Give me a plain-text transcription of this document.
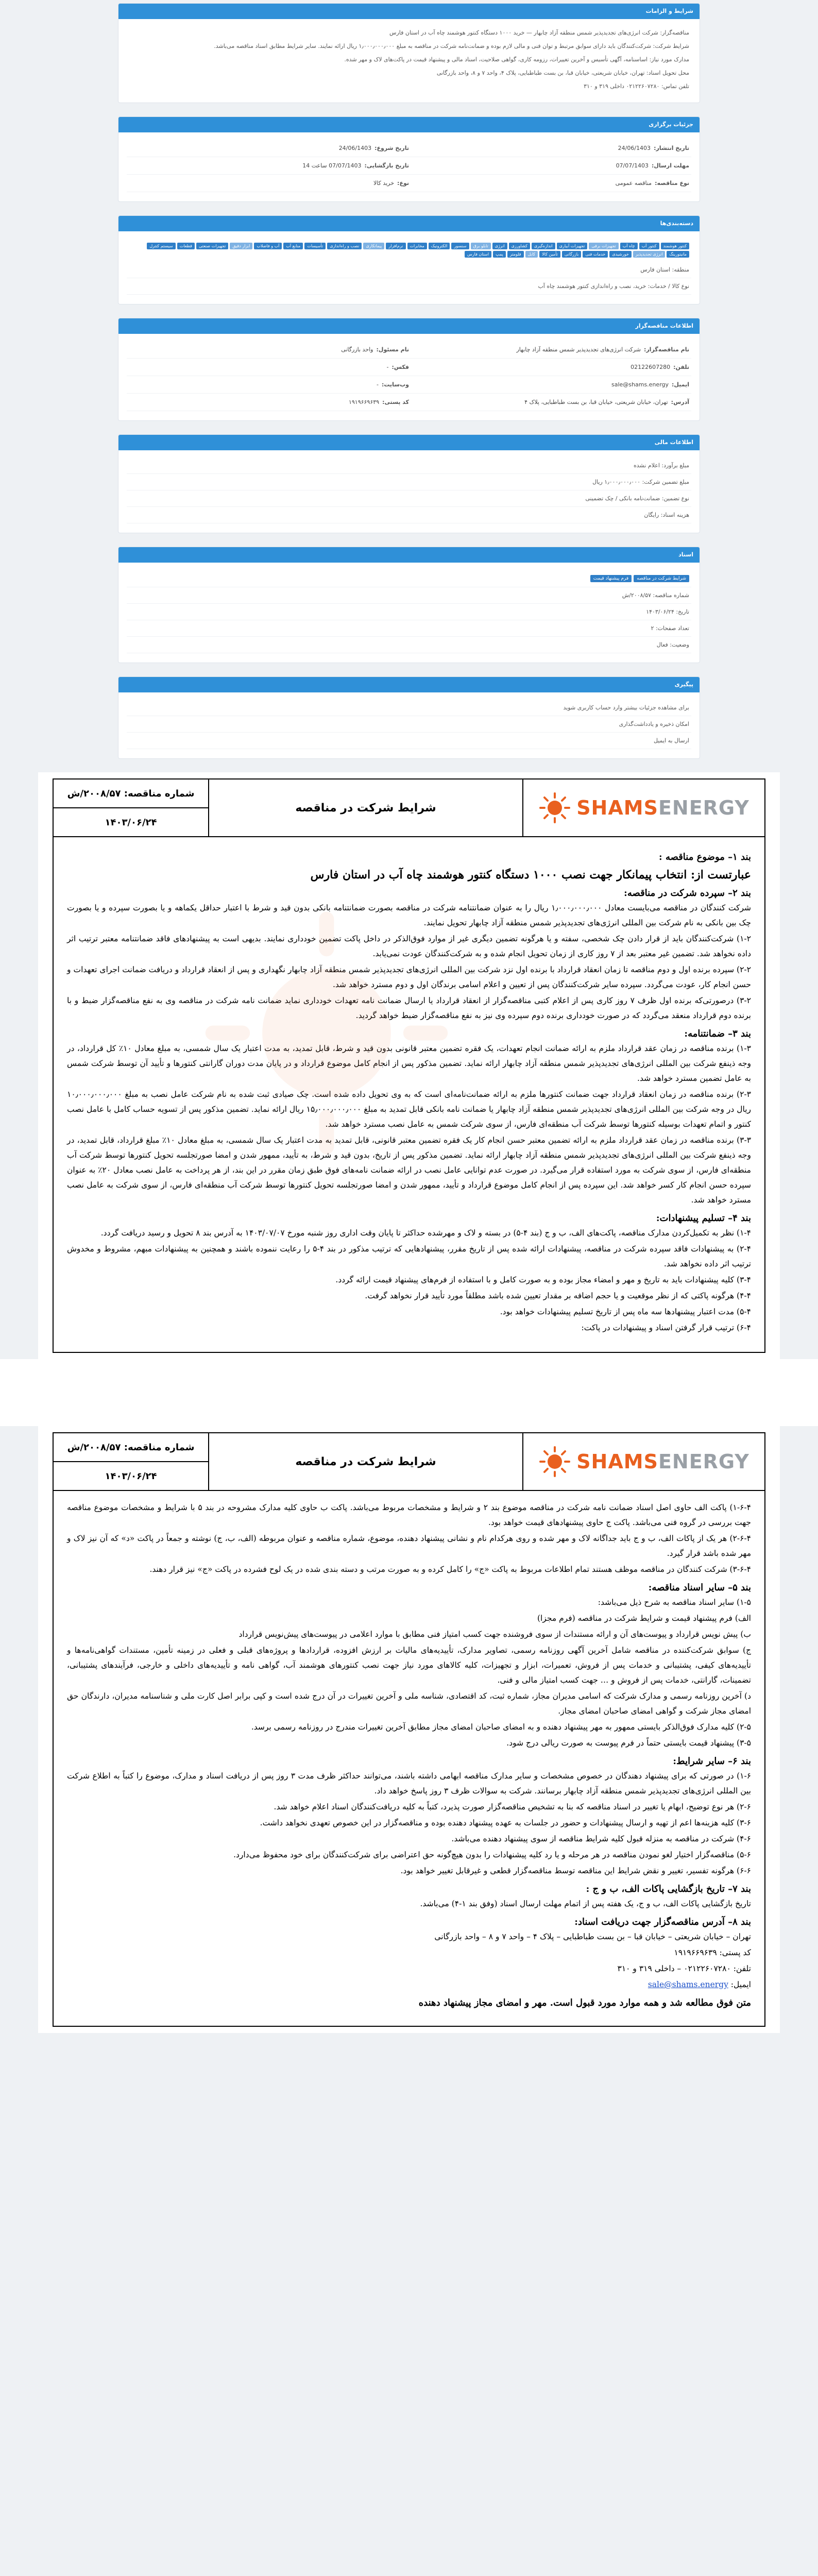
شرایط و الزامات
مناقصه‌گزار: شرکت انرژی‌های تجدیدپذیر شمس منطقه آزاد چابهار — خرید ۱۰۰۰ دستگاه کنتور هوشمند چاه آب در استان فارس
شرایط شرکت: شرکت‌کنندگان باید دارای سوابق مرتبط و توان فنی و مالی لازم بوده و ضمانت‌نامه شرکت در مناقصه به مبلغ ۱٫۰۰۰٫۰۰۰٫۰۰۰ ریال ارائه نمایند. سایر شرایط مطابق اسناد مناقصه می‌باشد.
مدارک مورد نیاز: اساسنامه، آگهی تأسیس و آخرین تغییرات، رزومه کاری، گواهی صلاحیت، اسناد مالی و پیشنهاد قیمت در پاکت‌های لاک و مهر شده.
محل تحویل اسناد: تهران، خیابان شریعتی، خیابان قبا، بن بست طباطبایی، پلاک ۴، واحد ۷ و ۸، واحد بازرگانی
تلفن تماس: ۰۲۱۲۲۶۰۷۲۸۰ داخلی ۳۱۹ و ۳۱۰
جزئیات برگزاری
تاریخ انتشار:
24/06/1403
تاریخ شروع:
24/06/1403
مهلت ارسال:
07/07/1403
تاریخ بازگشایی:
07/07/1403 ساعت 14
نوع مناقصه:
مناقصه عمومی
نوع:
خرید کالا
دسته‌بندی‌ها
کنتور هوشمند
کنتور آب
چاه آب
تجهیزات برقی
تجهیزات آبیاری
اندازه‌گیری
کشاورزی
انرژی
تابلو برق
سنسور
الکترونیک
مخابرات
نرم‌افزار
پیمانکاری
نصب و راه‌اندازی
تأسیسات
منابع آب
آب و فاضلاب
ابزار دقیق
تجهیزات صنعتی
قطعات
سیستم کنترل
مانیتورینگ
انرژی تجدیدپذیر
خورشیدی
خدمات فنی
بازرگانی
تأمین کالا
کابل
فلومتر
پمپ
استان فارس
منطقه: استان فارس
نوع کالا / خدمات: خرید، نصب و راه‌اندازی کنتور هوشمند چاه آب
اطلاعات مناقصه‌گزار
نام مناقصه‌گزار:
شرکت انرژی‌های تجدیدپذیر شمس منطقه آزاد چابهار
نام مسئول:
واحد بازرگانی
تلفن:
02122607280
فکس:
-
ایمیل:
sale@shams.energy
وب‌سایت:
-
آدرس:
تهران، خیابان شریعتی، خیابان قبا، بن بست طباطبایی، پلاک ۴
کد پستی:
۱۹۱۹۶۶۹۶۳۹
اطلاعات مالی
مبلغ برآورد: اعلام نشده
مبلغ تضمین شرکت: ۱٫۰۰۰٫۰۰۰٫۰۰۰ ریال
نوع تضمین: ضمانت‌نامه بانکی / چک تضمینی
هزینه اسناد: رایگان
اسناد
شرایط شرکت در مناقصهفرم پیشنهاد قیمت
شماره مناقصه: ۲۰۰۸/۵۷/ش
تاریخ: ۱۴۰۳/۰۶/۲۴
تعداد صفحات: ۲
وضعیت: فعال
پیگیری
برای مشاهده جزئیات بیشتر وارد حساب کاربری شوید
امکان ذخیره و یادداشت‌گذاری
ارسال به ایمیل
SHAMSENERGY
شرایط شرکت در مناقصه
شماره مناقصه: ۲۰۰۸/۵۷/ش
۱۴۰۳/۰۶/۲۴
بند ۱– موضوع مناقصه :
عبارتست از: انتخاب پیمانکار جهت نصب ۱۰۰۰ دستگاه کنتور هوشمند چاه آب در استان فارس
بند ۲– سپرده شرکت در مناقصه:

شرکت کنندگان در مناقصه می‌بایست معادل ۱٫۰۰۰٫۰۰۰٫۰۰۰ ریال را به عنوان ضمانتنامه شرکت در مناقصه بصورت ضمانتنامه بانکی بدون قید و شرط با اعتبار حداقل یکماهه و یا بصورت سپرده و یا بصورت چک بین بانکی به نام شرکت بین المللی انرژی‌های تجدیدپذیر شمس منطقه آزاد چابهار تحویل نمایند.

۱-۲) شرکت‌کنندگان باید از قرار دادن چک شخصی، سفته و یا هرگونه تضمین دیگری غیر از موارد فوق‌الذکر در داخل پاکت تضمین خودداری نمایند. بدیهی است به پیشنهادهای فاقد ضمانتنامه معتبر ترتیب اثر داده نخواهد شد. تضمین غیر معتبر بعد از ۷ روز کاری از زمان تحویل انجام شده و به شرکت‌کنندگان عودت نمی‌یابد.

۲-۲) سپرده برنده اول و دوم مناقصه تا زمان انعقاد قرارداد با برنده اول نزد شرکت بین المللی انرژی‌های تجدیدپذیر شمس منطقه آزاد چابهار نگهداری و پس از انعقاد قرارداد و دریافت ضمانت اجرای تعهدات و حسن انجام کار، عودت می‌گردد. سپرده سایر شرکت‌کنندگان پس از تعیین و اعلام اسامی برندگان اول و دوم مسترد خواهد شد.

۳-۲) درصورتی‌که برنده اول ظرف ۷ روز کاری پس از اعلام کتبی مناقصه‌گزار از انعقاد قرارداد یا ارسال ضمانت نامه تعهدات خودداری نماید ضمانت نامه شرکت در مناقصه وی به نفع مناقصه‌گزار ضبط و با برنده دوم قرارداد منعقد می‌گردد که در صورت خودداری برنده دوم سپرده وی نیز به نفع مناقصه‌گزار ضبط خواهد گردید.

بند ۳– ضمانتنامه:

۱-۳) برنده مناقصه در زمان عقد قرارداد ملزم به ارائه ضمانت انجام تعهدات، یک فقره تضمین معتبر قانونی بدون قید و شرط، قابل تمدید، به مدت اعتبار یک سال شمسی، به مبلغ معادل ۱۰٪ کل قرارداد، در وجه ذینفع شرکت بین المللی انرژی‌های تجدیدپذیر شمس منطقه آزاد چابهار ارائه نماید. تضمین مذکور پس از انجام کامل موضوع قرارداد و در پایان مدت دوران گارانتی کنتورها و تأیید آن توسط شرکت شمس به عامل تضمین مسترد خواهد شد.

۲-۳) برنده مناقصه در زمان انعقاد قرارداد جهت ضمانت کنتورها ملزم به ارائه ضمانت‌نامه‌ای است که به وی تحویل داده شده است. چک صیادی ثبت شده به نام شرکت عامل نصب به مبلغ ۱۰٫۰۰۰٫۰۰۰٫۰۰۰ ریال در وجه شرکت بین المللی انرژی‌های تجدیدپذیر شمس منطقه آزاد چابهار یا ضمانت نامه بانکی قابل تمدید به مبلغ ۱۵٫۰۰۰٫۰۰۰٫۰۰۰ ریال ارائه نماید. تضمین مذکور پس از تسویه حساب کامل با عامل نصب کنتور و اتمام تعهدات بوسیله کنتورها توسط شرکت آب منطقه‌ای فارس، از سوی شرکت شمس به عامل نصب مسترد خواهد شد.

۳-۳) برنده مناقصه در زمان عقد قرارداد ملزم به ارائه تضمین معتبر حسن انجام کار یک فقره تضمین معتبر قانونی، قابل تمدید به مدت اعتبار یک سال شمسی، به مبلغ معادل ۱۰٪ مبلغ قرارداد، قابل تمدید، در وجه ذینفع شرکت بین المللی انرژی‌های تجدیدپذیر شمس منطقه آزاد چابهار ارائه نماید. تضمین مذکور پس از تاریخ، بدون قید و شرط، به تأیید، ممهور شدن و امضا صورتجلسه تحویل کنتورها توسط شرکت آب منطقه‌ای فارس، از سوی شرکت به مورد استفاده قرار می‌گیرد. در صورت عدم توانایی عامل نصب در ارائه ضمانت نامه‌های فوق طبق زمان مقرر در این بند، از هر پرداخت به عامل نصب معادل ۲۰٪ به عنوان سپرده حسن انجام کار کسر خواهد شد. این سپرده پس از انجام کامل موضوع قرارداد و تأیید، ممهور شدن و امضا صورتجلسه تحویل کنتورها توسط شرکت آب منطقه‌ای فارس، از سوی شرکت به عامل نصب مسترد خواهد شد.

بند ۴– تسلیم پیشنهادات:

۱-۴) نظر به تکمیل‌کردن مدارک مناقصه، پاکت‌های الف، ب و ج (بند ۴-۵) در بسته و لاک و مهرشده حداکثر تا پایان وقت اداری روز شنبه مورخ ۱۴۰۳/۰۷/۰۷ به آدرس بند ۸ تحویل و رسید دریافت گردد.

۲-۴) به پیشنهادات فاقد سپرده شرکت در مناقصه، پیشنهادات ارائه شده پس از تاریخ مقرر، پیشنهادهایی که ترتیب مذکور در بند ۴-۵ را رعایت ننموده باشند و همچنین به پیشنهادات مبهم، مشروط و مخدوش ترتیب اثر داده نخواهد شد.

۳-۴) کلیه پیشنهادات باید به تاریخ و مهر و امضاء مجاز بوده و به صورت کامل و با استفاده از فرم‌های پیشنهاد قیمت ارائه گردد.

۴-۴) هرگونه پاکتی که از نظر موقعیت و یا حجم اضافه بر مقدار تعیین شده باشد مطلقاً مورد تأیید قرار نخواهد گرفت.

۵-۴) مدت اعتبار پیشنهادها سه ماه پس از تاریخ تسلیم پیشنهادات خواهد بود.

۶-۴) ترتیب قرار گرفتن اسناد و پیشنهادات در پاکت:

SHAMSENERGY
شرایط شرکت در مناقصه
شماره مناقصه: ۲۰۰۸/۵۷/ش
۱۴۰۳/۰۶/۲۴

۱-۶-۴) پاکت الف حاوی اصل اسناد ضمانت نامه شرکت در مناقصه موضوع بند ۲ و شرایط و مشخصات مربوط می‌باشد. پاکت ب حاوی کلیه مدارک مشروحه در بند ۵ با شرایط و مشخصات موضوع مناقصه جهت بررسی در گروه فنی می‌باشد. پاکت ج حاوی پیشنهادهای قیمت خواهد بود.

۲-۶-۴) هر یک از پاکات الف، ب و ج باید جداگانه لاک و مهر شده و روی هرکدام نام و نشانی پیشنهاد دهنده، موضوع، شماره مناقصه و عنوان مربوطه (الف، ب، ج) نوشته و جمعاً در پاکت «د» که آن نیز لاک و مهر شده باشد قرار گیرد.

۳-۶-۴) شرکت کنندگان در مناقصه موظف هستند تمام اطلاعات مربوط به پاکت «ج» را کامل کرده و به صورت مرتب و دسته بندی شده در یک لوح فشرده در پاکت «ج» نیز قرار دهند.

بند ۵– سایر اسناد مناقصه:

۱-۵) سایر اسناد مناقصه به شرح ذیل می‌باشد:

الف) فرم پیشنهاد قیمت و شرایط شرکت در مناقصه (فرم مجزا)

ب) پیش نویس قرارداد و پیوست‌های آن و ارائه مستندات از سوی فروشنده جهت کسب امتیاز فنی مطابق با موارد اعلامی در پیوست‌های پیش‌نویس قرارداد

ج) سوابق شرکت‌کننده در مناقصه شامل آخرین آگهی روزنامه رسمی، تصاویر مدارک، تأییدیه‌های مالیات بر ارزش افزوده، قراردادها و پروژه‌های قبلی و فعلی در زمینه تأمین، مستندات گواهی‌نامه‌ها و تأییدیه‌های کیفی، پشتیبانی و خدمات پس از فروش، تعمیرات، ابزار و تجهیزات، کلیه کالاهای مورد نیاز جهت نصب کنتورهای هوشمند آب، گواهی نامه و تأییدیه‌های داخلی و خارجی، فرآیندهای پشتیبانی، تضمینات، گارانتی، خدمات پس از فروش و … جهت کسب امتیاز مالی و فنی.

د) آخرین روزنامه رسمی و مدارک شرکت که اسامی مدیران مجاز، شماره ثبت، کد اقتصادی، شناسه ملی و آخرین تغییرات در آن درج شده است و کپی برابر اصل کارت ملی و شناسنامه مدیران، دارندگان حق امضای مجاز شرکت و گواهی امضای صاحبان امضای مجاز.

۲-۵) کلیه مدارک فوق‌الذکر بایستی ممهور به مهر پیشنهاد دهنده و به امضای صاحبان امضای مجاز مطابق آخرین تغییرات مندرج در روزنامه رسمی برسد.

۳-۵) پیشنهاد قیمت بایستی حتماً در فرم پیوست به صورت ریالی درج شود.

بند ۶– سایر شرایط:

۱-۶) در صورتی که برای پیشنهاد دهندگان در خصوص مشخصات و سایر مدارک مناقصه ابهامی داشته باشند، می‌توانند حداکثر ظرف مدت ۳ روز پس از دریافت اسناد و مدارک، موضوع را کتباً به اطلاع شرکت بین المللی انرژی‌های تجدیدپذیر شمس منطقه آزاد چابهار برسانند. شرکت به سوالات ظرف ۳ روز پاسخ خواهد داد.

۲-۶) هر نوع توضیح، ابهام یا تغییر در اسناد مناقصه که بنا به تشخیص مناقصه‌گزار صورت پذیرد، کتباً به کلیه دریافت‌کنندگان اسناد اعلام خواهد شد.

۳-۶) کلیه هزینه‌ها اعم از تهیه و ارسال پیشنهادات و حضور در جلسات به عهده پیشنهاد دهنده بوده و مناقصه‌گزار در این خصوص تعهدی نخواهد داشت.

۴-۶) شرکت در مناقصه به منزله قبول کلیه شرایط مناقصه از سوی پیشنهاد دهنده می‌باشد.

۵-۶) مناقصه‌گزار اختیار لغو نمودن مناقصه در هر مرحله و یا رد کلیه پیشنهادات را بدون هیچ‌گونه حق اعتراضی برای شرکت‌کنندگان برای خود محفوظ می‌دارد.

۶-۶) هرگونه تفسیر، تغییر و نقض شرایط این مناقصه توسط مناقصه‌گزار قطعی و غیرقابل تغییر خواهد بود.

بند ۷– تاریخ بازگشایی پاکات الف، ب و ج :

تاریخ بازگشایی پاکات الف، ب و ج، یک هفته پس از اتمام مهلت ارسال اسناد (وفق بند ۱-۴) می‌باشد.

بند ۸– آدرس مناقصه‌گزار جهت دریافت اسناد:

تهران – خیابان شریعتی – خیابان قبا – بن بست طباطبایی – پلاک ۴ – واحد ۷ و ۸ – واحد بازرگانی

کد پستی: ۱۹۱۹۶۶۹۶۳۹

تلفن: ۰۲۱۲۲۶۰۷۲۸۰ – داخلی ۳۱۹ و ۳۱۰

ایمیل: sale@shams.energy

متن فوق مطالعه شد و همه موارد مورد قبول است. مهر و امضای مجاز پیشنهاد دهنده
